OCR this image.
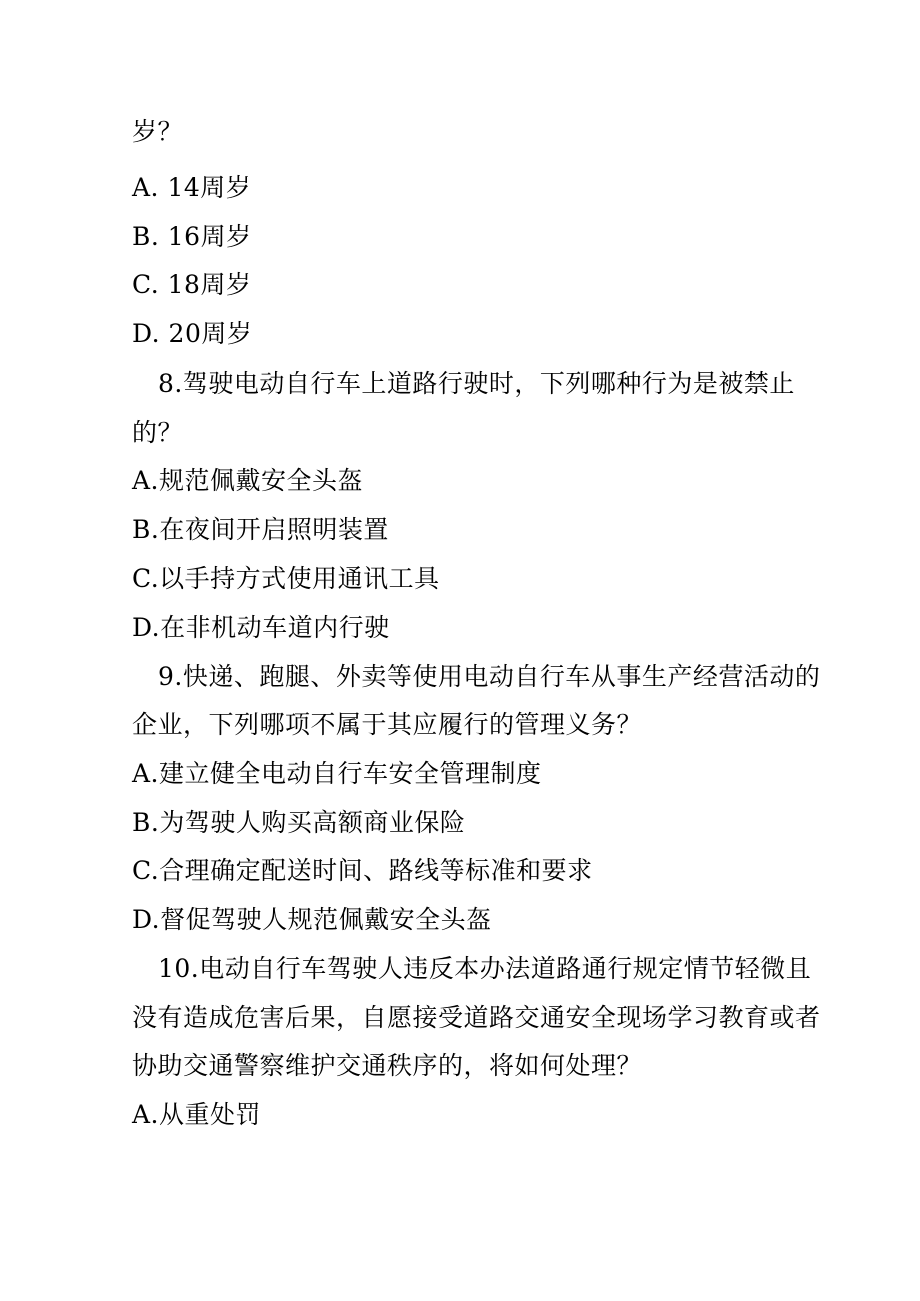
岁？
A. 14周岁
B. 16周岁
C. 18周岁
D. 20周岁
8.驾驶电动自行车上道路行驶时，下列哪种行为是被禁止
的？
A.规范佩戴安全头盔
B.在夜间开启照明装置
C.以手持方式使用通讯工具
D.在非机动车道内行驶
9.快递、跑腿、外卖等使用电动自行车从事生产经营活动的
企业，下列哪项不属于其应履行的管理义务？
A.建立健全电动自行车安全管理制度
B.为驾驶人购买高额商业保险
C.合理确定配送时间、路线等标准和要求
D.督促驾驶人规范佩戴安全头盔
10.电动自行车驾驶人违反本办法道路通行规定情节轻微且
没有造成危害后果，自愿接受道路交通安全现场学习教育或者
协助交通警察维护交通秩序的，将如何处理？
A.从重处罚
